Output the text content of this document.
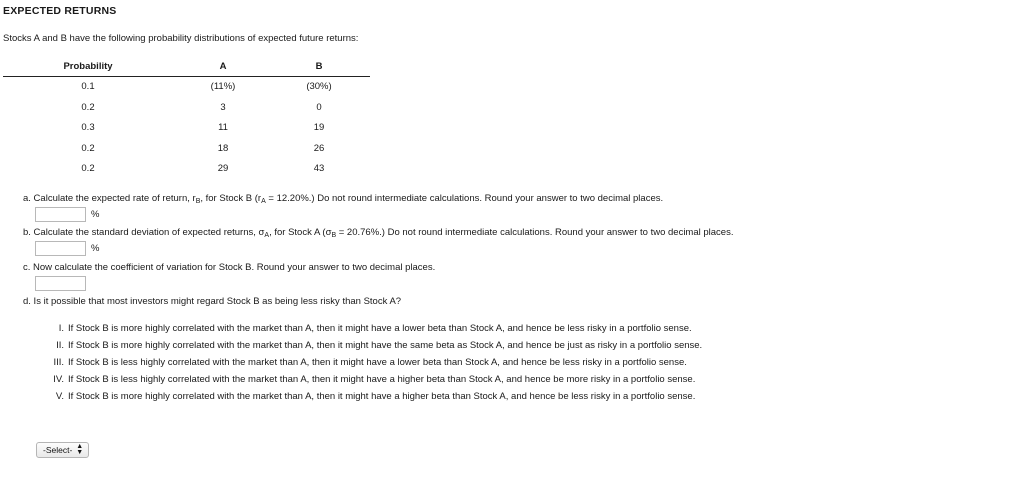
EXPECTED RETURNS
Stocks A and B have the following probability distributions of expected future returns:
Probability	A	B
0.1	(11%)	(30%)
0.2	3	0
0.3	11	19
0.2	18	26
0.2	29	43
a. Calculate the expected rate of return, $r_B$, for Stock B $(r_A = 12.20\%.)$ Do not round intermediate calculations. Round your answer to two decimal places.
%
b. Calculate the standard deviation of expected returns, $\sigma_A$, for Stock A $(\sigma_B = 20.76\%.)$ Do not round intermediate calculations. Round your answer to two decimal places.
%
c. Now calculate the coefficient of variation for Stock B. Round your answer to two decimal places.
d. Is it possible that most investors might regard Stock B as being less risky than Stock A?
I. If Stock B is more highly correlated with the market than A, then it might have a lower beta than Stock A, and hence be less risky in a portfolio sense.
II. If Stock B is more highly correlated with the market than A, then it might have the same beta as Stock A, and hence be just as risky in a portfolio sense.
III. If Stock B is less highly correlated with the market than A, then it might have a lower beta than Stock A, and hence be less risky in a portfolio sense.
IV. If Stock B is less highly correlated with the market than A, then it might have a higher beta than Stock A, and hence be more risky in a portfolio sense.
V. If Stock B is more highly correlated with the market than A, then it might have a higher beta than Stock A, and hence be less risky in a portfolio sense.
-Select- ▲
▼
